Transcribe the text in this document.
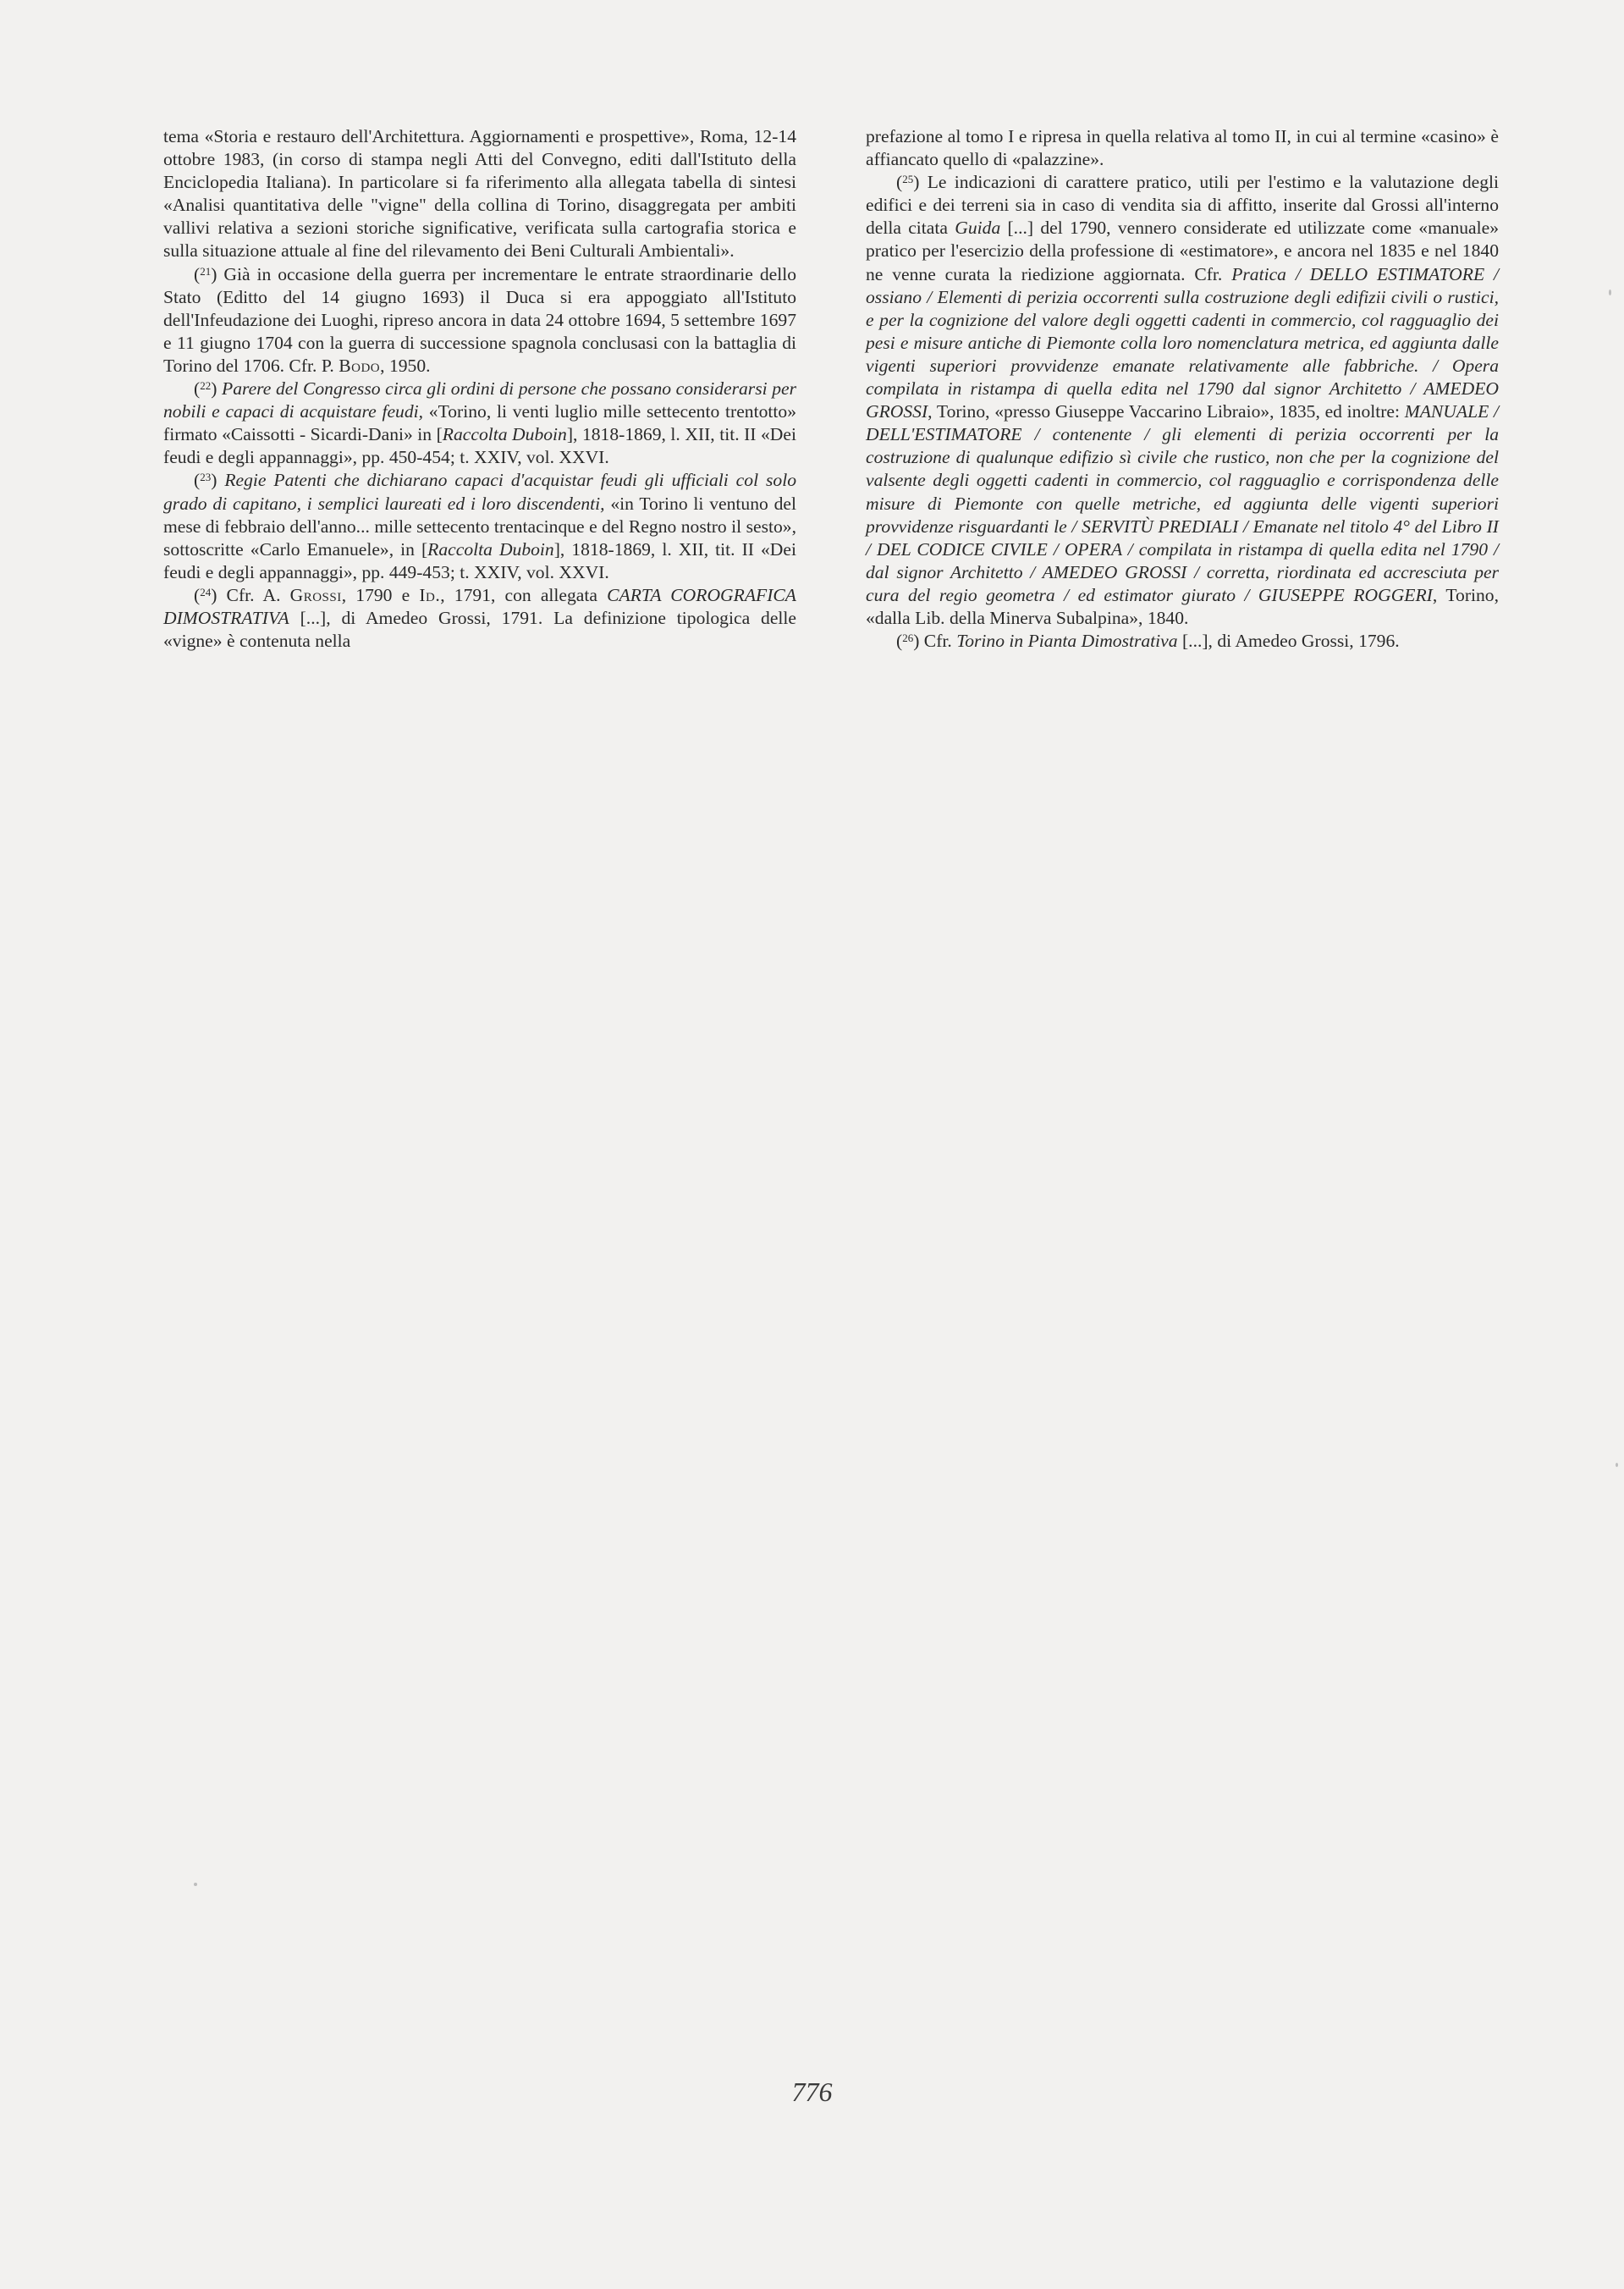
tema «Storia e restauro dell'Architettura. Aggiornamenti e prospettive», Roma, 12-14 ottobre 1983, (in corso di stampa negli Atti del Convegno, editi dall'Istituto della Enciclopedia Italiana). In particolare si fa riferimento alla allegata tabella di sintesi «Analisi quantitativa delle "vigne" della collina di Torino, disaggregata per ambiti vallivi relativa a sezioni storiche significative, verificata sulla cartografia storica e sulla situazione attuale al fine del rilevamento dei Beni Culturali Ambientali».

($^{21}$) Già in occasione della guerra per incrementare le entrate straordinarie dello Stato (Editto del 14 giugno 1693) il Duca si era appoggiato all'Istituto dell'Infeudazione dei Luoghi, ripreso ancora in data 24 ottobre 1694, 5 settembre 1697 e 11 giugno 1704 con la guerra di successione spagnola conclusasi con la battaglia di Torino del 1706. Cfr. P. Bodo, 1950.

($^{22}$) Parere del Congresso circa gli ordini di persone che possano considerarsi per nobili e capaci di acquistare feudi, «Torino, li venti luglio mille settecento trentotto» firmato «Caissotti - Sicardi-Dani» in [Raccolta Duboin], 1818-1869, l. XII, tit. II «Dei feudi e degli appannaggi», pp. 450-454; t. XXIV, vol. XXVI.

($^{23}$) Regie Patenti che dichiarano capaci d'acquistar feudi gli ufficiali col solo grado di capitano, i semplici laureati ed i loro discendenti, «in Torino li ventuno del mese di febbraio dell'anno... mille settecento trentacinque e del Regno nostro il sesto», sottoscritte «Carlo Emanuele», in [Raccolta Duboin], 1818-1869, l. XII, tit. II «Dei feudi e degli appannaggi», pp. 449-453; t. XXIV, vol. XXVI.

($^{24}$) Cfr. A. Grossi, 1790 e Id., 1791, con allegata CARTA COROGRAFICA DIMOSTRATIVA [...], di Amedeo Grossi, 1791. La definizione tipologica delle «vigne» è contenuta nella

prefazione al tomo I e ripresa in quella relativa al tomo II, in cui al termine «casino» è affiancato quello di «palazzine».

($^{25}$) Le indicazioni di carattere pratico, utili per l'estimo e la valutazione degli edifici e dei terreni sia in caso di vendita sia di affitto, inserite dal Grossi all'interno della citata Guida [...] del 1790, vennero considerate ed utilizzate come «manuale» pratico per l'esercizio della professione di «estimatore», e ancora nel 1835 e nel 1840 ne venne curata la riedizione aggiornata. Cfr. Pratica / DELLO ESTIMATORE / ossiano / Elementi di perizia occorrenti sulla costruzione degli edifizii civili o rustici, e per la cognizione del valore degli oggetti cadenti in commercio, col ragguaglio dei pesi e misure antiche di Piemonte colla loro nomenclatura metrica, ed aggiunta dalle vigenti superiori provvidenze emanate relativamente alle fabbriche. / Opera compilata in ristampa di quella edita nel 1790 dal signor Architetto / AMEDEO GROSSI, Torino, «presso Giuseppe Vaccarino Libraio», 1835, ed inoltre: MANUALE / DELL'ESTIMATORE / contenente / gli elementi di perizia occorrenti per la costruzione di qualunque edifizio sì civile che rustico, non che per la cognizione del valsente degli oggetti cadenti in commercio, col ragguaglio e corrispondenza delle misure di Piemonte con quelle metriche, ed aggiunta delle vigenti superiori provvidenze risguardanti le / SERVITÙ PREDIALI / Emanate nel titolo 4° del Libro II / DEL CODICE CIVILE / OPERA / compilata in ristampa di quella edita nel 1790 / dal signor Architetto / AMEDEO GROSSI / corretta, riordinata ed accresciuta per cura del regio geometra / ed estimator giurato / GIUSEPPE ROGGERI, Torino, «dalla Lib. della Minerva Subalpina», 1840.

($^{26}$) Cfr. Torino in Pianta Dimostrativa [...], di Amedeo Grossi, 1796.

776
